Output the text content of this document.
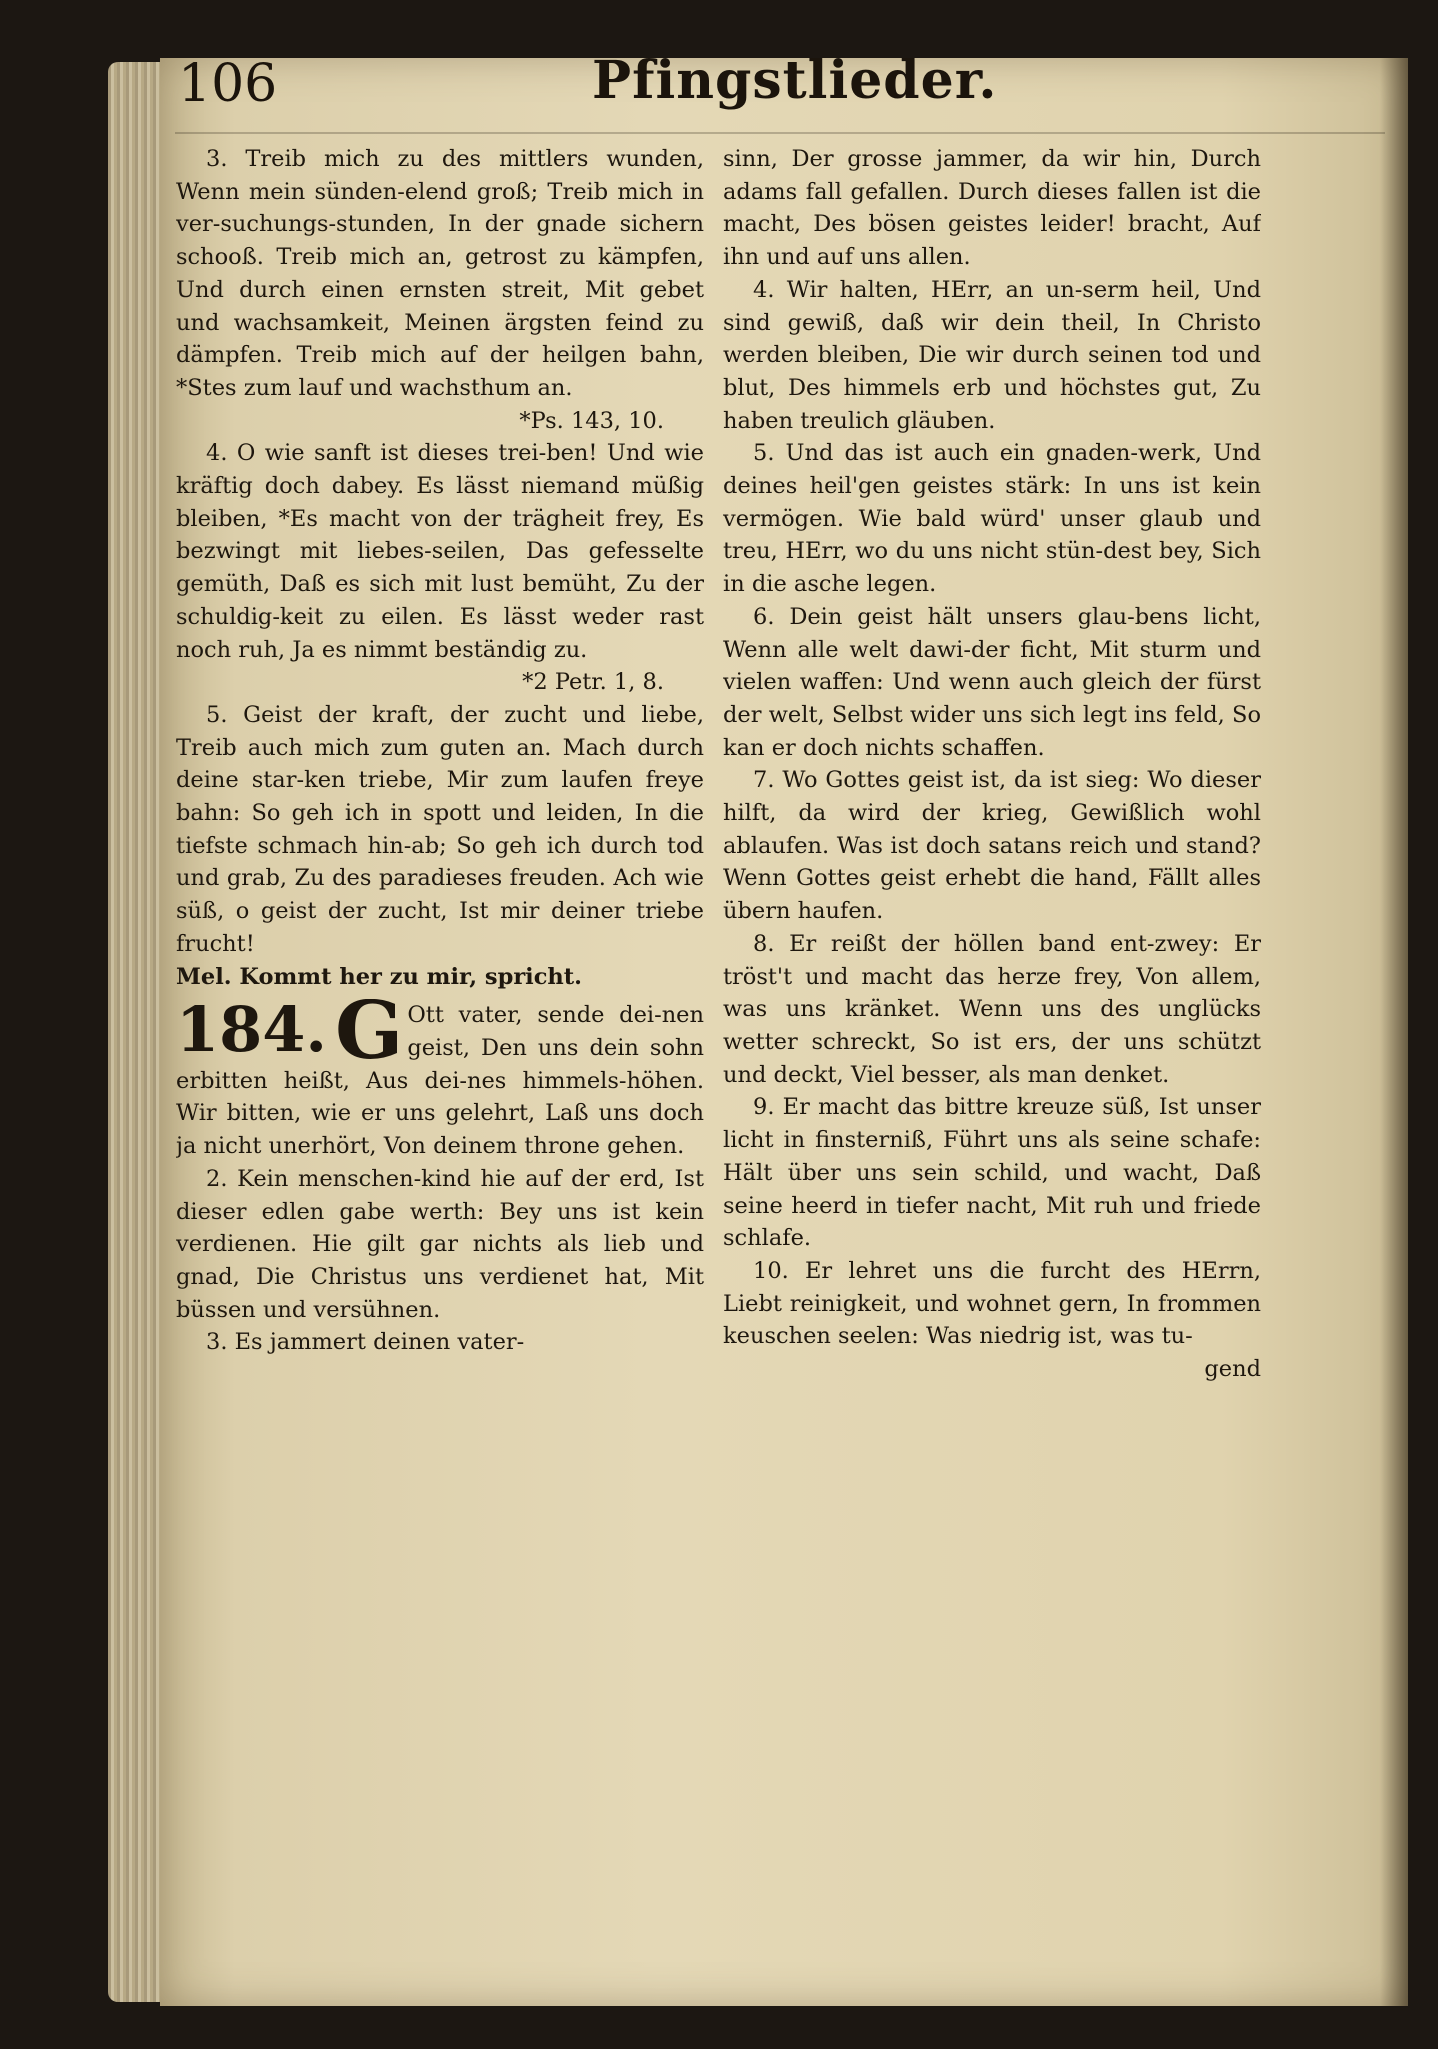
106	Pfingstlieder.

3. Treib mich zu des mittlers wunden, Wenn mein sünden-elend groß; Treib mich in ver-suchungs-stunden, In der gnade sichern schooß. Treib mich an, getrost zu kämpfen, Und durch einen ernsten streit, Mit gebet und wachsamkeit, Meinen ärgsten feind zu dämpfen. Treib mich auf der heilgen bahn, *Stes zum lauf und wachsthum an.

*Ps. 143, 10.

4. O wie sanft ist dieses trei-ben! Und wie kräftig doch dabey. Es lässt niemand müßig bleiben, *Es macht von der trägheit frey, Es bezwingt mit liebes-seilen, Das gefesselte gemüth, Daß es sich mit lust bemüht, Zu der schuldig-keit zu eilen. Es lässt weder rast noch ruh, Ja es nimmt beständig zu.

*2 Petr. 1, 8.

5. Geist der kraft, der zucht und liebe, Treib auch mich zum guten an. Mach durch deine star-ken triebe, Mir zum laufen freye bahn: So geh ich in spott und leiden, In die tiefste schmach hin-ab; So geh ich durch tod und grab, Zu des paradieses freuden. Ach wie süß, o geist der zucht, Ist mir deiner triebe frucht!

Mel. Kommt her zu mir, spricht.

184. G Ott vater, sende dei-nen geist, Den uns dein sohn erbitten heißt, Aus dei-nes himmels-höhen. Wir bitten, wie er uns gelehrt, Laß uns doch ja nicht unerhört, Von deinem throne gehen.

2. Kein menschen-kind hie auf der erd, Ist dieser edlen gabe werth: Bey uns ist kein verdienen. Hie gilt gar nichts als lieb und gnad, Die Christus uns verdienet hat, Mit büssen und versühnen.

3. Es jammert deinen vater-

sinn, Der grosse jammer, da wir hin, Durch adams fall gefallen. Durch dieses fallen ist die macht, Des bösen geistes leider! bracht, Auf ihn und auf uns allen.

4. Wir halten, HErr, an un-serm heil, Und sind gewiß, daß wir dein theil, In Christo werden bleiben, Die wir durch seinen tod und blut, Des himmels erb und höchstes gut, Zu haben treulich gläuben.

5. Und das ist auch ein gnaden-werk, Und deines heil'gen geistes stärk: In uns ist kein vermögen. Wie bald würd' unser glaub und treu, HErr, wo du uns nicht stün-dest bey, Sich in die asche legen.

6. Dein geist hält unsers glau-bens licht, Wenn alle welt dawi-der ficht, Mit sturm und vielen waffen: Und wenn auch gleich der fürst der welt, Selbst wider uns sich legt ins feld, So kan er doch nichts schaffen.

7. Wo Gottes geist ist, da ist sieg: Wo dieser hilft, da wird der krieg, Gewißlich wohl ablaufen. Was ist doch satans reich und stand? Wenn Gottes geist erhebt die hand, Fällt alles übern haufen.

8. Er reißt der höllen band ent-zwey: Er tröst't und macht das herze frey, Von allem, was uns kränket. Wenn uns des unglücks wetter schreckt, So ist ers, der uns schützt und deckt, Viel besser, als man denket.

9. Er macht das bittre kreuze süß, Ist unser licht in finsterniß, Führt uns als seine schafe: Hält über uns sein schild, und wacht, Daß seine heerd in tiefer nacht, Mit ruh und friede schlafe.

10. Er lehret uns die furcht des HErrn, Liebt reinigkeit, und wohnet gern, In frommen keuschen seelen: Was niedrig ist, was tu-

gend
